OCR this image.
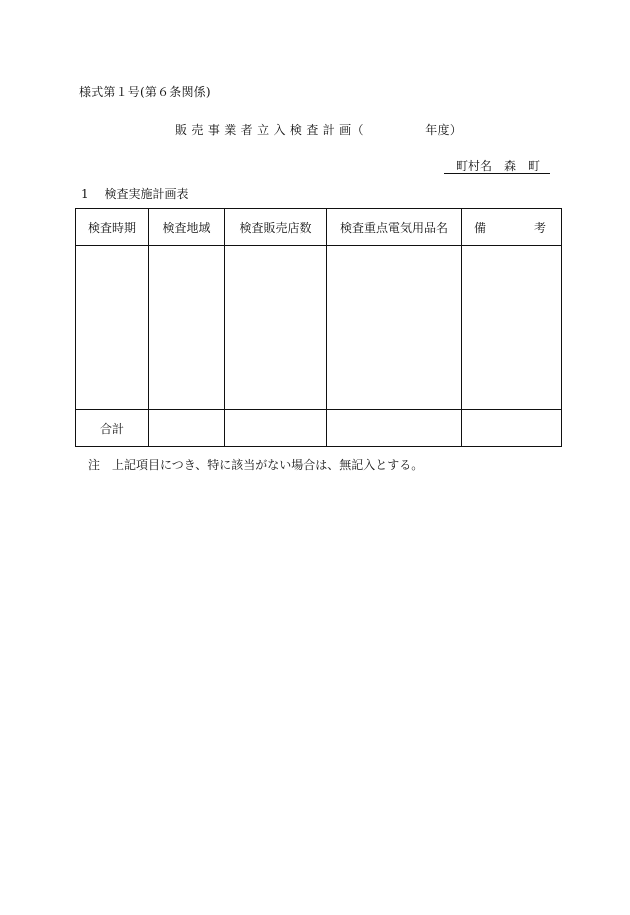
様式第１号(第６条関係)
販 売 事 業 者 立 入 検 査 計 画（　　　　　年度）
町村名　森　町
1　 検査実施計画表
検査時期	検査地域	検査販売店数	検査重点電気用品名	備　　　　考

合計				
注　上記項目につき、特に該当がない場合は、無記入とする。
